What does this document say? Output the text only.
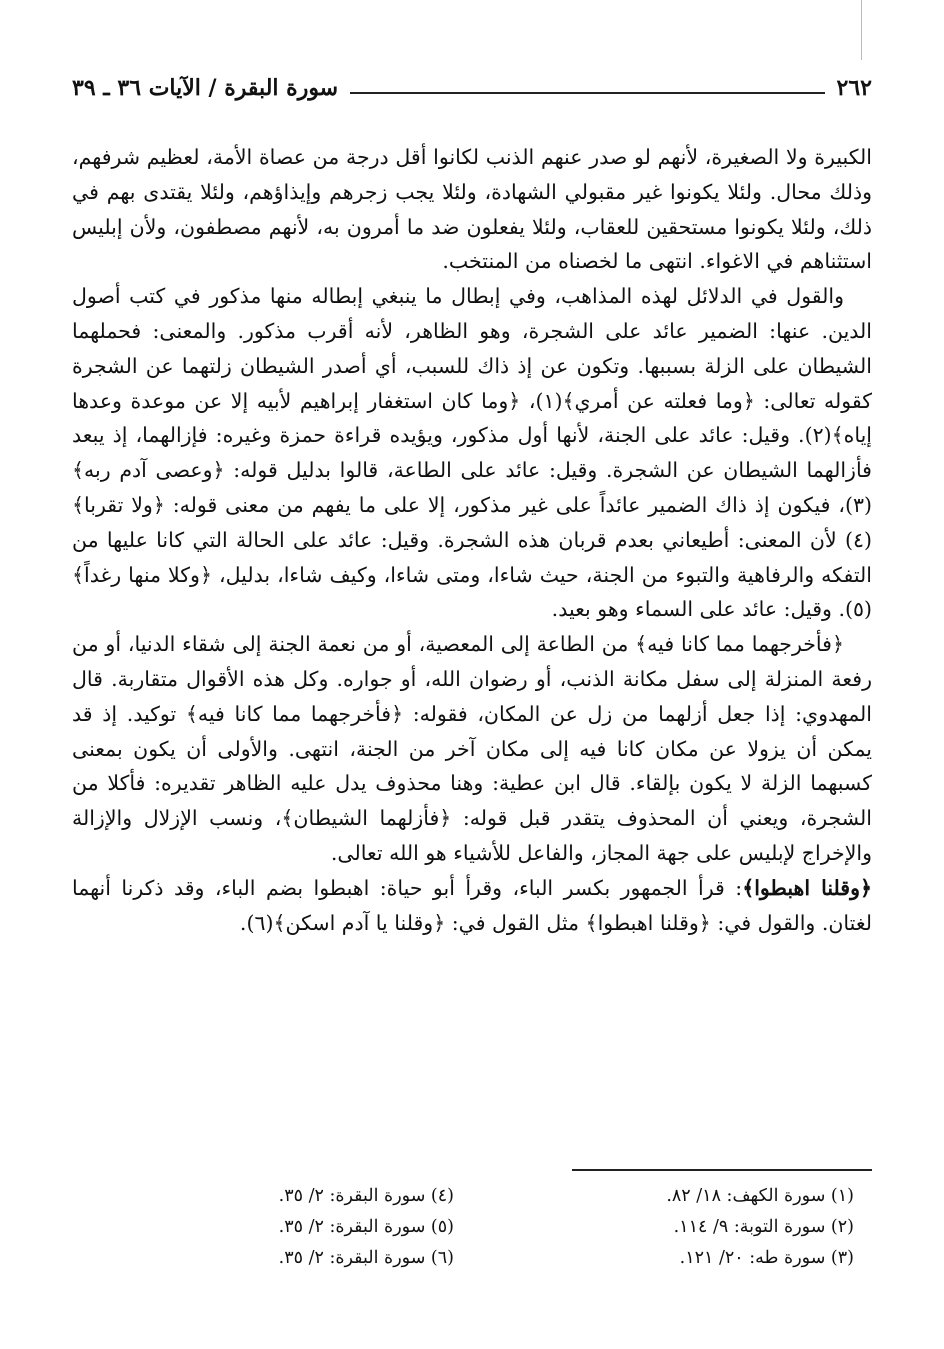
٢٦٢
سورة البقرة / الآيات ٣٦ ـ ٣٩

الكبيرة ولا الصغيرة، لأنهم لو صدر عنهم الذنب لكانوا أقل درجة من عصاة الأمة، لعظيم شرفهم، وذلك محال. ولئلا يكونوا غير مقبولي الشهادة، ولئلا يجب زجرهم وإيذاؤهم، ولئلا يقتدى بهم في ذلك، ولئلا يكونوا مستحقين للعقاب، ولئلا يفعلون ضد ما أمرون به، لأنهم مصطفون، ولأن إبليس استثناهم في الاغواء. انتهى ما لخصناه من المنتخب.

والقول في الدلائل لهذه المذاهب، وفي إبطال ما ينبغي إبطاله منها مذكور في كتب أصول الدين. عنها: الضمير عائد على الشجرة، وهو الظاهر، لأنه أقرب مذكور. والمعنى: فحملهما الشيطان على الزلة بسببها. وتكون عن إذ ذاك للسبب، أي أصدر الشيطان زلتهما عن الشجرة كقوله تعالى: ﴿وما فعلته عن أمري﴾(١)، ﴿وما كان استغفار إبراهيم لأبيه إلا عن موعدة وعدها إياه﴾(٢). وقيل: عائد على الجنة، لأنها أول مذكور، ويؤيده قراءة حمزة وغيره: فإزالهما، إذ يبعد فأزالهما الشيطان عن الشجرة. وقيل: عائد على الطاعة، قالوا بدليل قوله: ﴿وعصى آدم ربه﴾(٣)، فيكون إذ ذاك الضمير عائداً على غير مذكور، إلا على ما يفهم من معنى قوله: ﴿ولا تقربا﴾(٤) لأن المعنى: أطيعاني بعدم قربان هذه الشجرة. وقيل: عائد على الحالة التي كانا عليها من التفكه والرفاهية والتبوء من الجنة، حيث شاءا، ومتى شاءا، وكيف شاءا، بدليل، ﴿وكلا منها رغداً﴾(٥). وقيل: عائد على السماء وهو بعيد.

﴿فأخرجهما مما كانا فيه﴾ من الطاعة إلى المعصية، أو من نعمة الجنة إلى شقاء الدنيا، أو من رفعة المنزلة إلى سفل مكانة الذنب، أو رضوان الله، أو جواره. وكل هذه الأقوال متقاربة. قال المهدوي: إذا جعل أزلهما من زل عن المكان، فقوله: ﴿فأخرجهما مما كانا فيه﴾ توكيد. إذ قد يمكن أن يزولا عن مكان كانا فيه إلى مكان آخر من الجنة، انتهى. والأولى أن يكون بمعنى كسبهما الزلة لا يكون بإلقاء. قال ابن عطية: وهنا محذوف يدل عليه الظاهر تقديره: فأكلا من الشجرة، ويعني أن المحذوف يتقدر قبل قوله: ﴿فأزلهما الشيطان﴾، ونسب الإزلال والإزالة والإخراج لإبليس على جهة المجاز، والفاعل للأشياء هو الله تعالى.

﴿وقلنا اهبطوا﴾: قرأ الجمهور بكسر الباء، وقرأ أبو حياة: اهبطوا بضم الباء، وقد ذكرنا أنهما لغتان. والقول في: ﴿وقلنا اهبطوا﴾ مثل القول في: ﴿وقلنا يا آدم اسكن﴾(٦).

(١) سورة الكهف: ١٨/ ٨٢.
(٤) سورة البقرة: ٢/ ٣٥.
(٢) سورة التوبة: ٩/ ١١٤.
(٥) سورة البقرة: ٢/ ٣٥.
(٣) سورة طه: ٢٠/ ١٢١.
(٦) سورة البقرة: ٢/ ٣٥.
